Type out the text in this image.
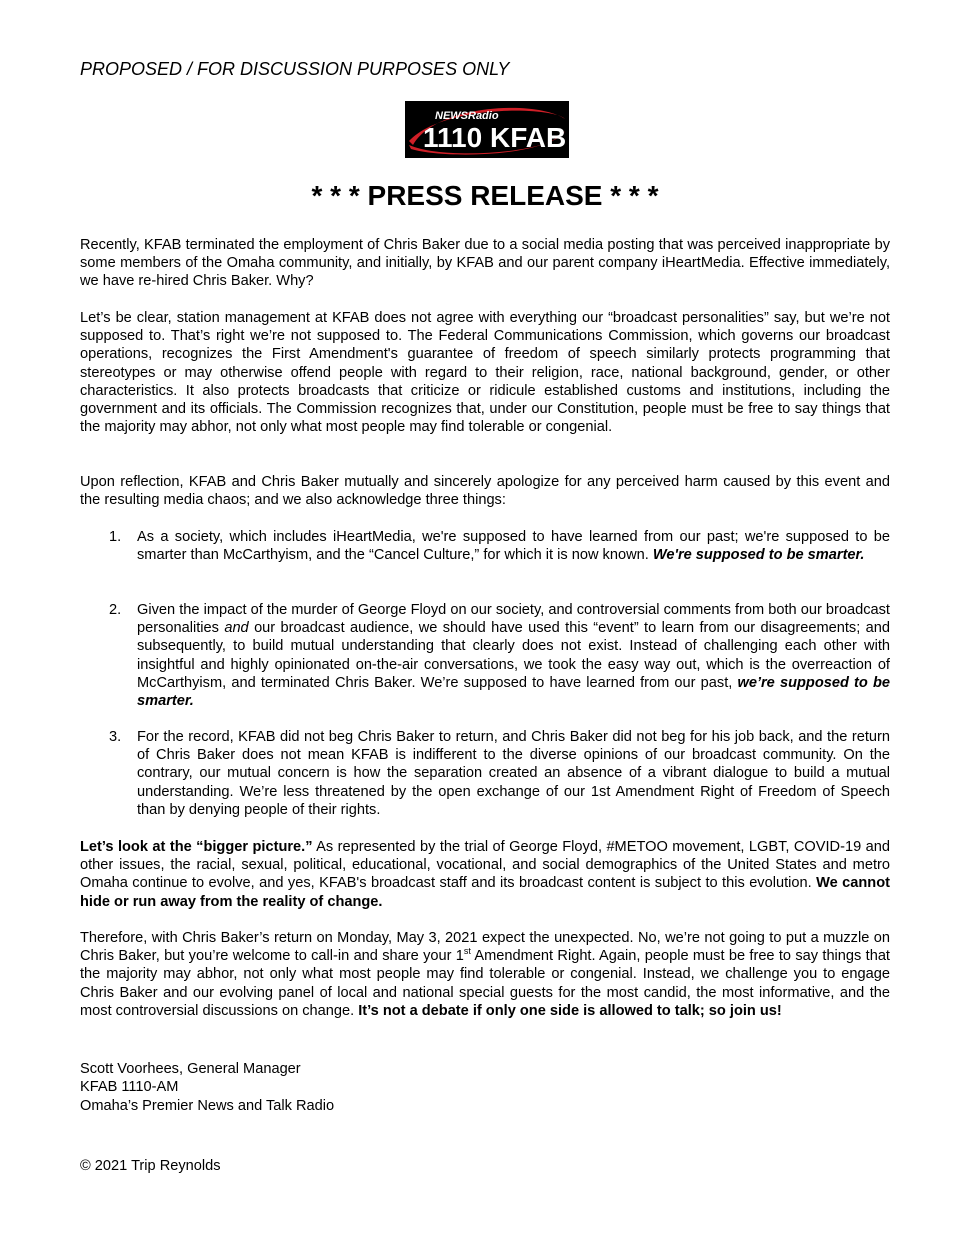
PROPOSED / FOR DISCUSSION PURPOSES ONLY
1110 KFAB
NEWSRadio
* * * PRESS RELEASE * * *

Recently, KFAB terminated the employment of Chris Baker due to a social media posting that was perceived inappropriate by some members of the Omaha community, and initially, by KFAB and our parent company iHeartMedia. Effective immediately, we have re-hired Chris Baker. Why?

Let’s be clear, station management at KFAB does not agree with everything our “broadcast personalities” say, but we’re not supposed to. That’s right we’re not supposed to. The Federal Communications Commission, which governs our broadcast operations, recognizes the First Amendment's guarantee of freedom of speech similarly protects programming that stereotypes or may otherwise offend people with regard to their religion, race, national background, gender, or other characteristics. It also protects broadcasts that criticize or ridicule established customs and institutions, including the government and its officials. The Commission recognizes that, under our Constitution, people must be free to say things that the majority may abhor, not only what most people may find tolerable or congenial.

Upon reflection, KFAB and Chris Baker mutually and sincerely apologize for any perceived harm caused by this event and the resulting media chaos; and we also acknowledge three things:

1. As a society, which includes iHeartMedia, we're supposed to have learned from our past; we're supposed to be smarter than McCarthyism, and the “Cancel Culture,” for which it is now known. We're supposed to be smarter.

2. Given the impact of the murder of George Floyd on our society, and controversial comments from both our broadcast personalities and our broadcast audience, we should have used this “event” to learn from our disagreements; and subsequently, to build mutual understanding that clearly does not exist. Instead of challenging each other with insightful and highly opinionated on-the-air conversations, we took the easy way out, which is the overreaction of McCarthyism, and terminated Chris Baker. We’re supposed to have learned from our past, we’re supposed to be smarter.

3. For the record, KFAB did not beg Chris Baker to return, and Chris Baker did not beg for his job back, and the return of Chris Baker does not mean KFAB is indifferent to the diverse opinions of our broadcast community. On the contrary, our mutual concern is how the separation created an absence of a vibrant dialogue to build a mutual understanding. We’re less threatened by the open exchange of our 1st Amendment Right of Freedom of Speech than by denying people of their rights.

Let’s look at the “bigger picture.” As represented by the trial of George Floyd, #METOO movement, LGBT, COVID-19 and other issues, the racial, sexual, political, educational, vocational, and social demographics of the United States and metro Omaha continue to evolve, and yes, KFAB's broadcast staff and its broadcast content is subject to this evolution. We cannot hide or run away from the reality of change.

Therefore, with Chris Baker’s return on Monday, May 3, 2021 expect the unexpected. No, we’re not going to put a muzzle on Chris Baker, but you’re welcome to call-in and share your 1st Amendment Right. Again, people must be free to say things that the majority may abhor, not only what most people may find tolerable or congenial. Instead, we challenge you to engage Chris Baker and our evolving panel of local and national special guests for the most candid, the most informative, and the most controversial discussions on change. It’s not a debate if only one side is allowed to talk; so join us!

Scott Voorhees, General Manager

KFAB 1110-AM

Omaha’s Premier News and Talk Radio

© 2021 Trip Reynolds
